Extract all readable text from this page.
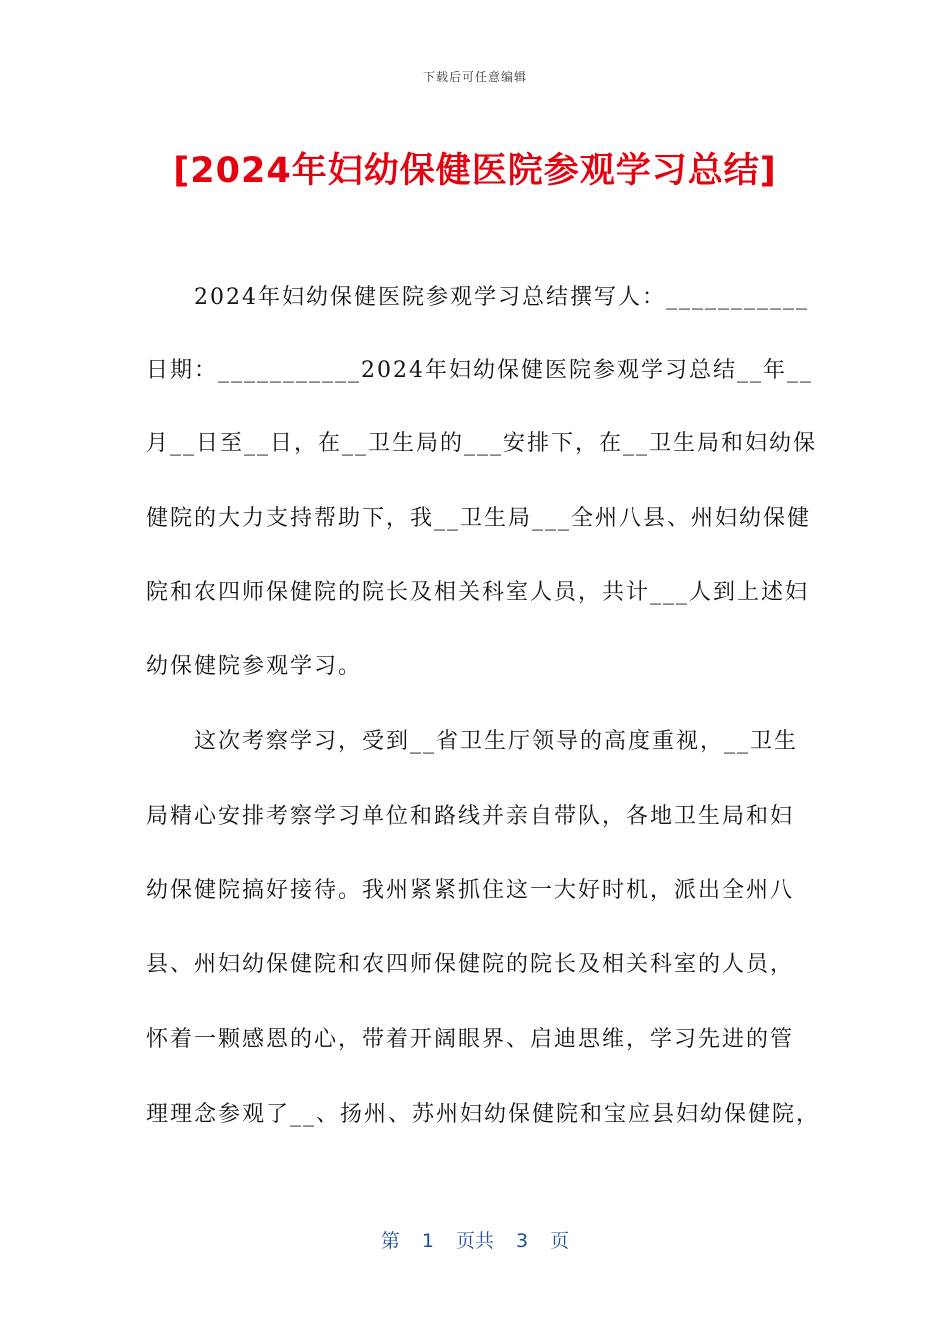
下载后可任意编辑
[2024年妇幼保健医院参观学习总结]
　　2024年妇幼保健医院参观学习总结撰写人：___________
日期：___________2024年妇幼保健医院参观学习总结__年__
月__日至__日，在__卫生局的___安排下，在__卫生局和妇幼保
健院的大力支持帮助下，我__卫生局___全州八县、州妇幼保健
院和农四师保健院的院长及相关科室人员，共计___人到上述妇
幼保健院参观学习。
　　这次考察学习，受到__省卫生厅领导的高度重视，__卫生
局精心安排考察学习单位和路线并亲自带队，各地卫生局和妇
幼保健院搞好接待。我州紧紧抓住这一大好时机，派出全州八
县、州妇幼保健院和农四师保健院的院长及相关科室的人员，
怀着一颗感恩的心，带着开阔眼界、启迪思维，学习先进的管
理理念参观了__、扬州、苏州妇幼保健院和宝应县妇幼保健院，
第 1 页共 3 页
